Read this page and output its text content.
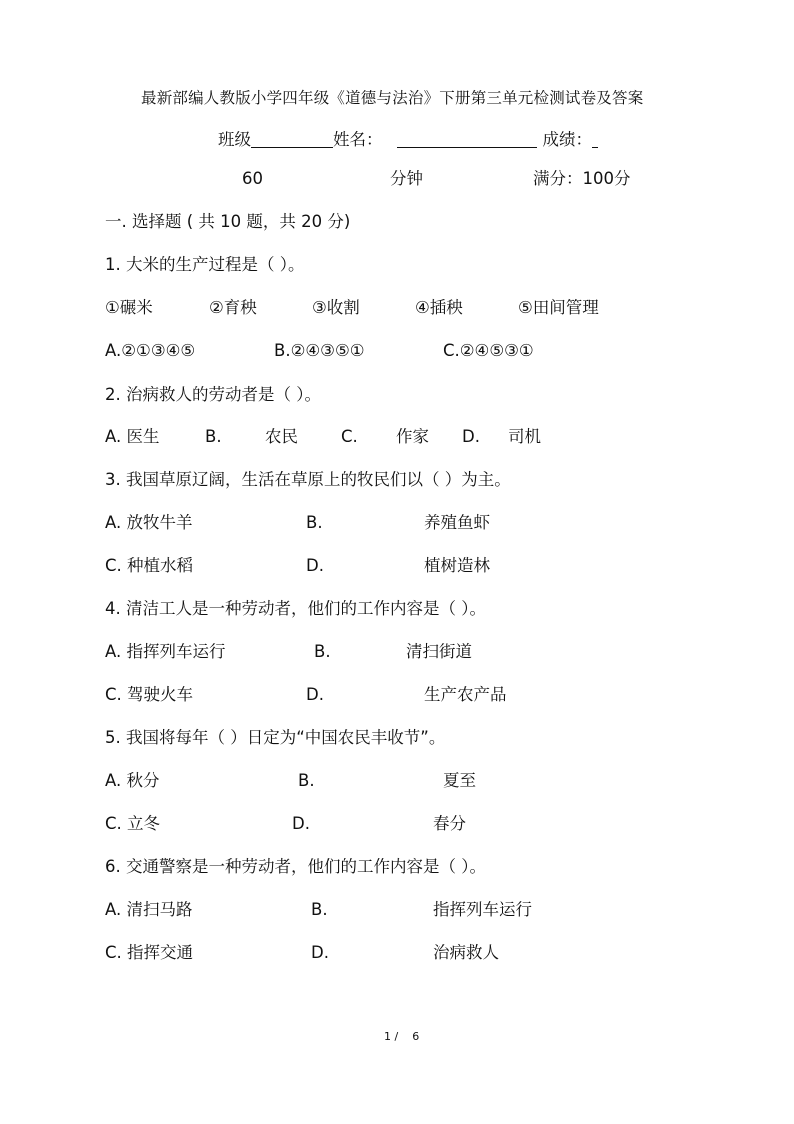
最新部编人教版小学四年级《道德与法治》下册第三单元检测试卷及答案
班级	姓名：	成绩：
60	分钟	满分：100分
一. 选择题 ( 共 10 题，共 20 分)
1. 大米的生产过程是（ ）。
①碾米	②育秧	③收割	④插秧	⑤田间管理
A.②①③④⑤	B.②④③⑤①	C.②④⑤③①
2. 治病救人的劳动者是（ ）。
A. 医生	B.	农民	C. 作家 D. 司机
3. 我国草原辽阔，生活在草原上的牧民们以（ ）为主。
A. 放牧牛羊	B.	养殖鱼虾
C. 种植水稻	D.	植树造林
4. 清洁工人是一种劳动者，他们的工作内容是（ ）。
A. 指挥列车运行	B.	清扫街道
C. 驾驶火车	D.	生产农产品
5. 我国将每年（ ）日定为“中国农民丰收节”。
A. 秋分	B.	夏至
C. 立冬	D.	春分
6. 交通警察是一种劳动者，他们的工作内容是（ ）。
A. 清扫马路	B.	指挥列车运行
C. 指挥交通	D.	治病救人
1 /    6
